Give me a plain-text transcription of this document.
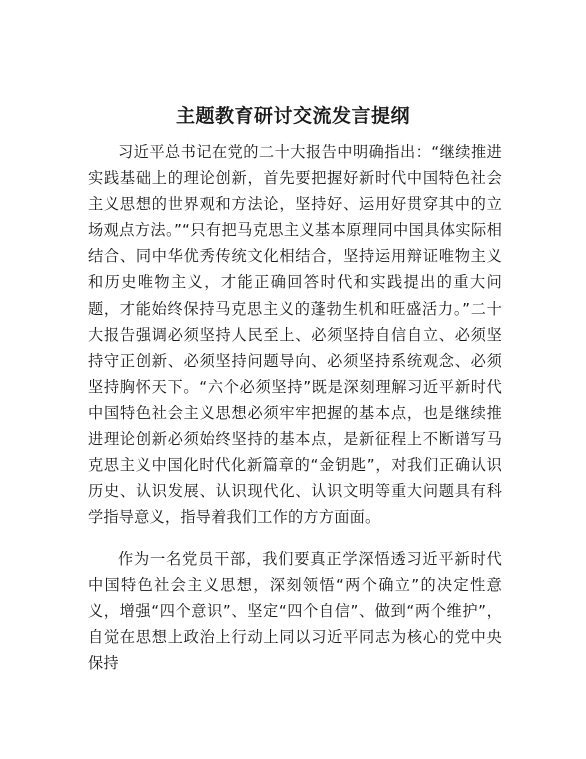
主题教育研讨交流发言提纲

习近平总书记在党的二十大报告中明确指出：“继续推进实践基础上的理论创新，首先要把握好新时代中国特色社会主义思想的世界观和方法论，坚持好、运用好贯穿其中的立场观点方法。”“只有把马克思主义基本原理同中国具体实际相结合、同中华优秀传统文化相结合，坚持运用辩证唯物主义和历史唯物主义，才能正确回答时代和实践提出的重大问题，才能始终保持马克思主义的蓬勃生机和旺盛活力。”二十大报告强调必须坚持人民至上、必须坚持自信自立、必须坚持守正创新、必须坚持问题导向、必须坚持系统观念、必须坚持胸怀天下。“六个必须坚持”既是深刻理解习近平新时代中国特色社会主义思想必须牢牢把握的基本点，也是继续推进理论创新必须始终坚持的基本点，是新征程上不断谱写马克思主义中国化时代化新篇章的“金钥匙”，对我们正确认识历史、认识发展、认识现代化、认识文明等重大问题具有科学指导意义，指导着我们工作的方方面面。

作为一名党员干部，我们要真正学深悟透习近平新时代中国特色社会主义思想，深刻领悟“两个确立”的决定性意义，增强“四个意识”、坚定“四个自信”、做到“两个维护”，自觉在思想上政治上行动上同以习近平同志为核心的党中央保持
